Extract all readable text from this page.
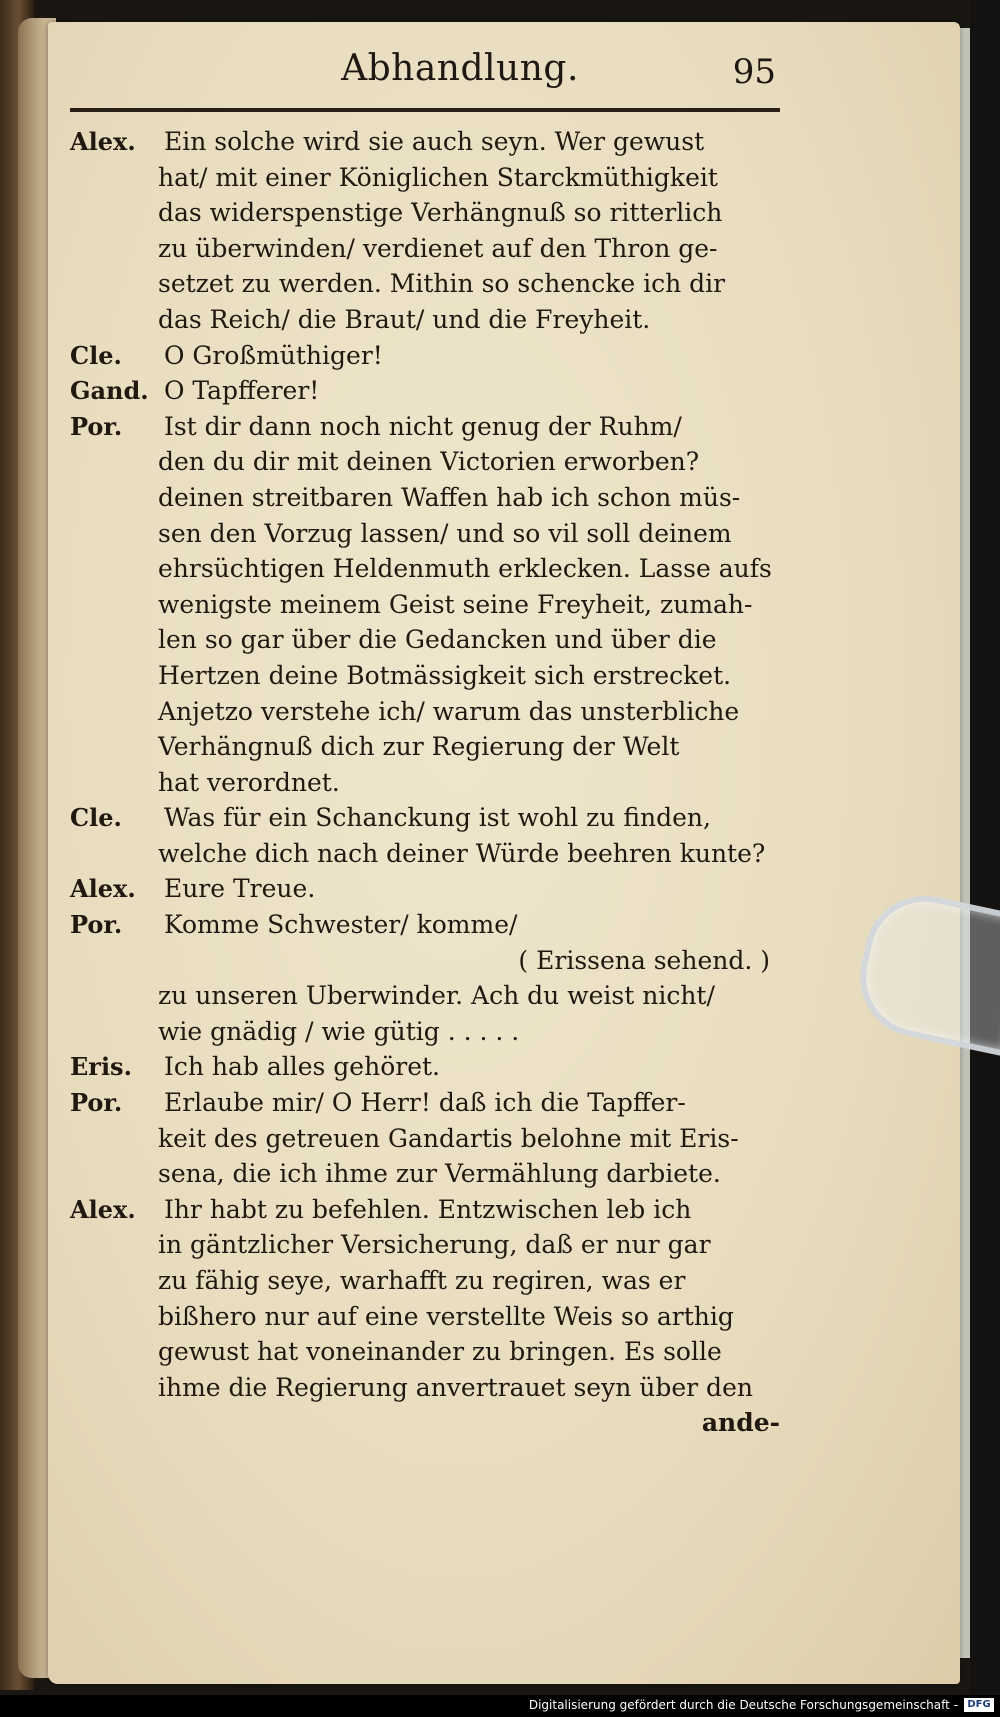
Abhandlung.	95
Alex. Ein solche wird sie auch seyn. Wer gewust
hat/ mit einer Königlichen Starckmüthigkeit
das widerspenstige Verhängnuß so ritterlich
zu überwinden/ verdienet auf den Thron ge-
setzet zu werden. Mithin so schencke ich dir
das Reich/ die Braut/ und die Freyheit.
Cle. O Großmüthiger!
Gand. O Tapfferer!
Por. Ist dir dann noch nicht genug der Ruhm/
den du dir mit deinen Victorien erworben?
deinen streitbaren Waffen hab ich schon müs-
sen den Vorzug lassen/ und so vil soll deinem
ehrsüchtigen Heldenmuth erklecken. Lasse aufs
wenigste meinem Geist seine Freyheit, zumah-
len so gar über die Gedancken und über die
Hertzen deine Botmässigkeit sich erstrecket.
Anjetzo verstehe ich/ warum das unsterbliche
Verhängnuß dich zur Regierung der Welt
hat verordnet.
Cle. Was für ein Schanckung ist wohl zu finden,
welche dich nach deiner Würde beehren kunte?
Alex. Eure Treue.
Por. Komme Schwester/ komme/
( Erissena sehend. )
zu unseren Uberwinder. Ach du weist nicht/
wie gnädig / wie gütig . . . . .
Eris. Ich hab alles gehöret.
Por. Erlaube mir/ O Herr! daß ich die Tapffer-
keit des getreuen Gandartis belohne mit Eris-
sena, die ich ihme zur Vermählung darbiete.
Alex. Ihr habt zu befehlen. Entzwischen leb ich
in gäntzlicher Versicherung, daß er nur gar
zu fähig seye, warhafft zu regiren, was er
bißhero nur auf eine verstellte Weis so arthig
gewust hat voneinander zu bringen. Es solle
ihme die Regierung anvertrauet seyn über den
ande-
Digitalisierung gefördert durch die Deutsche Forschungsgemeinschaft - DFG
